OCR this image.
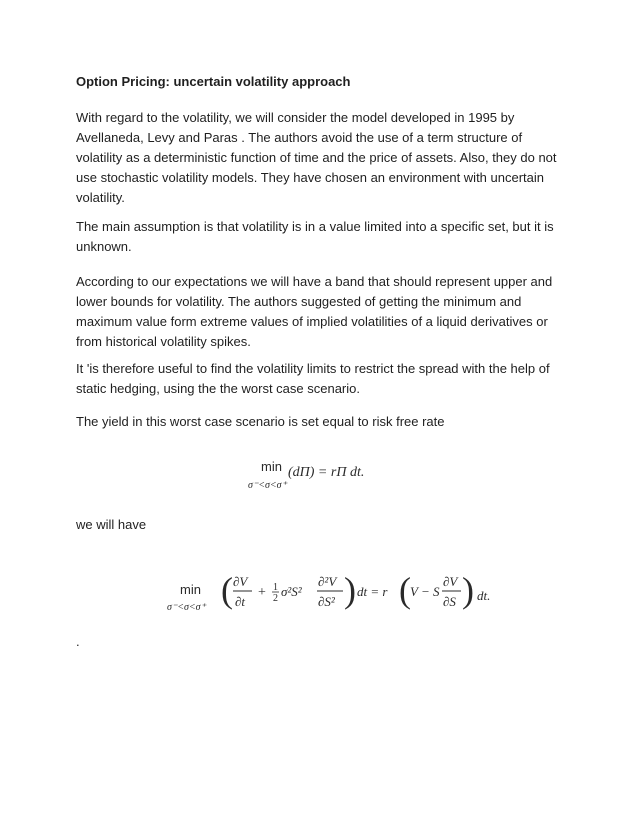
Option Pricing: uncertain volatility approach

With regard to the volatility, we will consider the model developed in 1995 by Avellaneda, Levy and Paras . The authors avoid the use of a term structure of volatility as a deterministic function of time and the price of assets. Also, they do not use stochastic volatility models. They have chosen an environment with uncertain volatility.

The main assumption is that volatility is in a value limited into a specific set, but it is unknown.

According to our expectations we will have a band that should represent upper and lower bounds for volatility. The authors suggested of getting the minimum and maximum value form extreme values of implied volatilities of a liquid derivatives or from historical volatility spikes.

It 'is therefore useful to find the volatility limits to restrict the spread with the help of static hedging, using the the worst case scenario.

The yield in this worst case scenario is set equal to risk free rate

min
σ⁻<σ<σ⁺
(dΠ) = rΠ dt.

we will have

min
σ⁻<σ<σ⁺ ( ∂V
∂t
+ 1
2 σ²S²
∂²V
∂S² ) dt = r ( V − S
∂V
∂S ) dt.

.
